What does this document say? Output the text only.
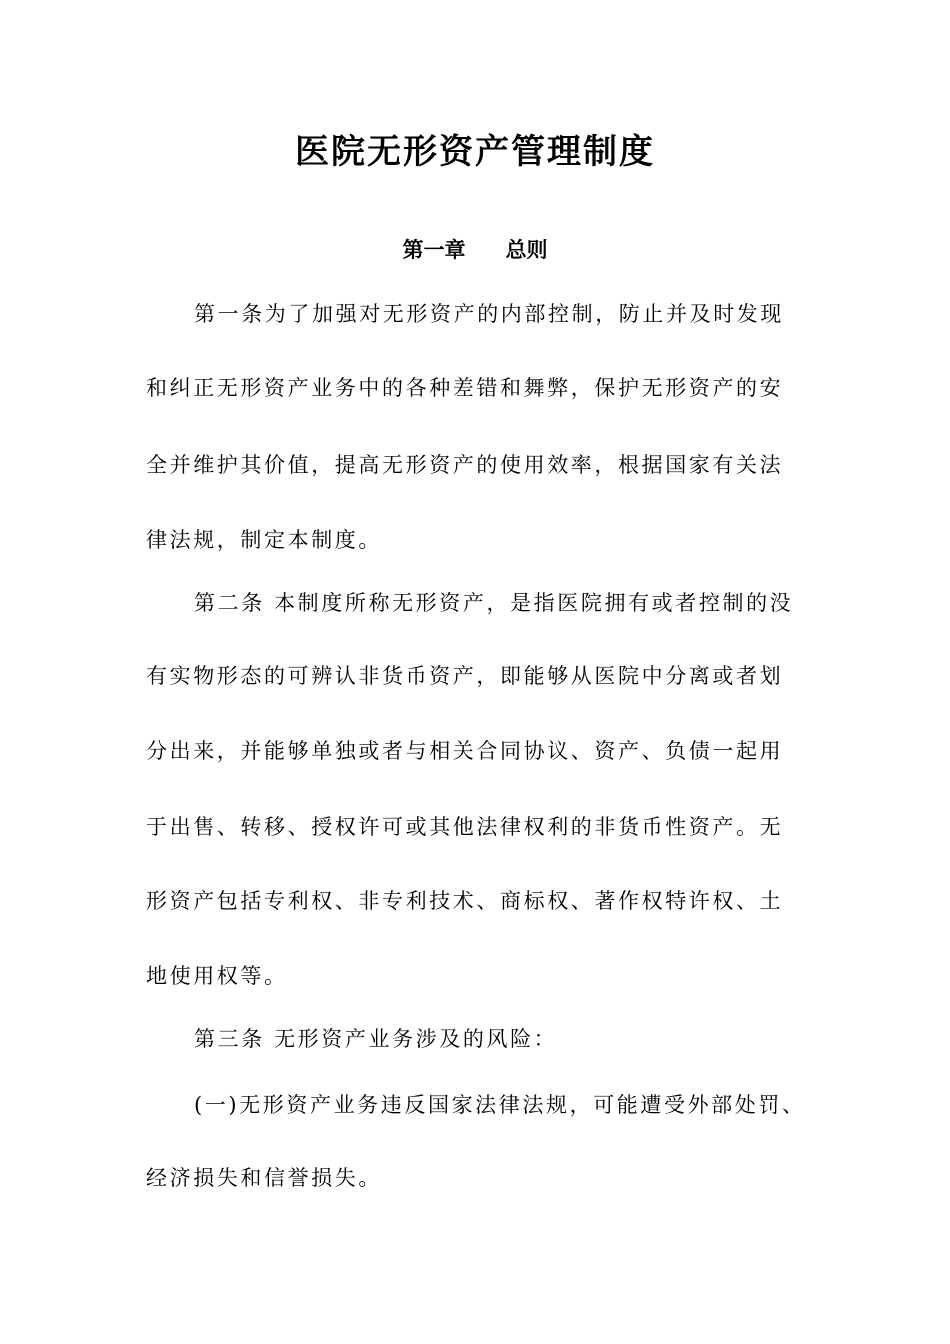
医院无形资产管理制度
第一章 总则
第一条为了加强对无形资产的内部控制，防止并及时发现
和纠正无形资产业务中的各种差错和舞弊，保护无形资产的安
全并维护其价值，提高无形资产的使用效率，根据国家有关法
律法规，制定本制度。
第二条 本制度所称无形资产，是指医院拥有或者控制的没
有实物形态的可辨认非货币资产，即能够从医院中分离或者划
分出来，并能够单独或者与相关合同协议、资产、负债一起用
于出售、转移、授权许可或其他法律权利的非货币性资产。无
形资产包括专利权、非专利技术、商标权、著作权特许权、土
地使用权等。
第三条 无形资产业务涉及的风险：
(一)无形资产业务违反国家法律法规，可能遭受外部处罚、
经济损失和信誉损失。
